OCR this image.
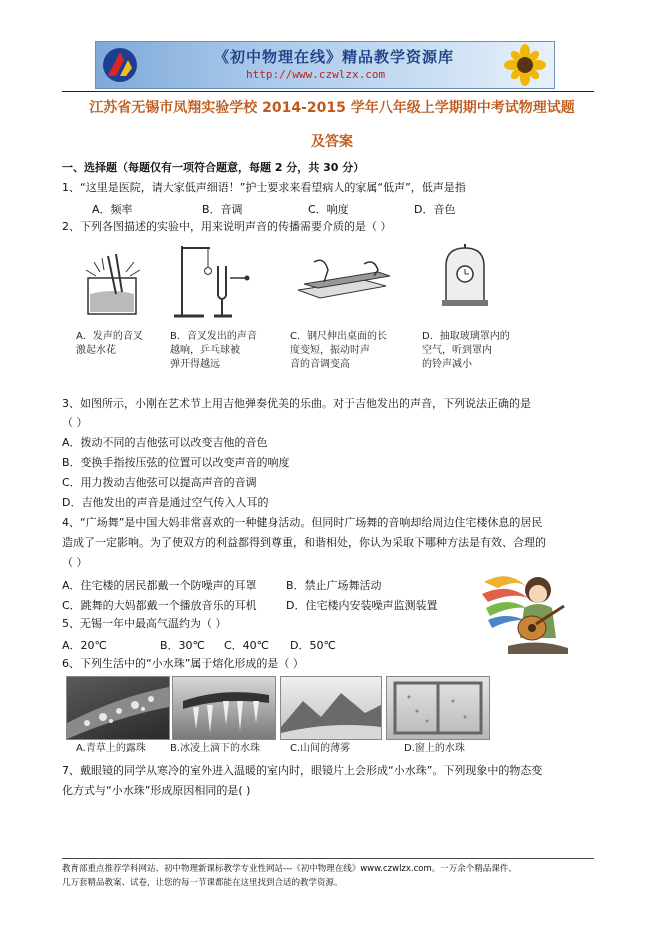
《初中物理在线》精品教学资源库
http://www.czwlzx.com
江苏省无锡市凤翔实验学校 2014-2015 学年八年级上学期期中考试物理试题
及答案
一、选择题（每题仅有一项符合题意，每题 2 分，共 30 分）
1、“这里是医院，请大家低声细语！”护士要求来看望病人的家属“低声”，低声是指
A．频率	B．音调	C．响度	D．音色
2、下列各图描述的实验中，用来说明声音的传播需要介质的是（ ）
A．发声的音叉
激起水花
B．音叉发出的声音
越响，乒乓球被
弹开得越远
C．钢尺伸出桌面的长
度变短，振动时声
音的音调变高
D．抽取玻璃罩内的
空气，听到罩内
的铃声减小
3、如图所示，小刚在艺术节上用吉他弹奏优美的乐曲。对于吉他发出的声音，下列说法正确的是
（ ）
A．拨动不同的吉他弦可以改变吉他的音色
B．变换手指按压弦的位置可以改变声音的响度
C．用力拨动吉他弦可以提高声音的音调
D．吉他发出的声音是通过空气传入人耳的
4、“广场舞”是中国大妈非常喜欢的一种健身活动。但同时广场舞的音响却给周边住宅楼休息的居民
造成了一定影响。为了使双方的利益都得到尊重，和谐相处，你认为采取下哪种方法是有效、合理的
（ ）
A．住宅楼的居民都戴一个防噪声的耳罩	B．禁止广场舞活动
C．跳舞的大妈都戴一个播放音乐的耳机	D．住宅楼内安装噪声监测装置
5、无锡一年中最高气温约为（ ）
A．20℃	B．30℃ C．40℃ D．50℃
6、下列生活中的“小水珠”属于熔化形成的是（ ）
A.青草上的露珠 B.冰凌上滴下的水珠	C.山间的薄雾	D.窗上的水珠
7、戴眼镜的同学从寒冷的室外进入温暖的室内时，眼镜片上会形成“小水珠”。下列现象中的物态变
化方式与“小水珠”形成原因相同的是( )
教育部重点推荐学科网站、初中物理新课标教学专业性网站---《初中物理在线》www.czwlzx.com。一万余个精品课件、
几万套精品教案、试卷，让您的每一节课都能在这里找到合适的教学资源。
